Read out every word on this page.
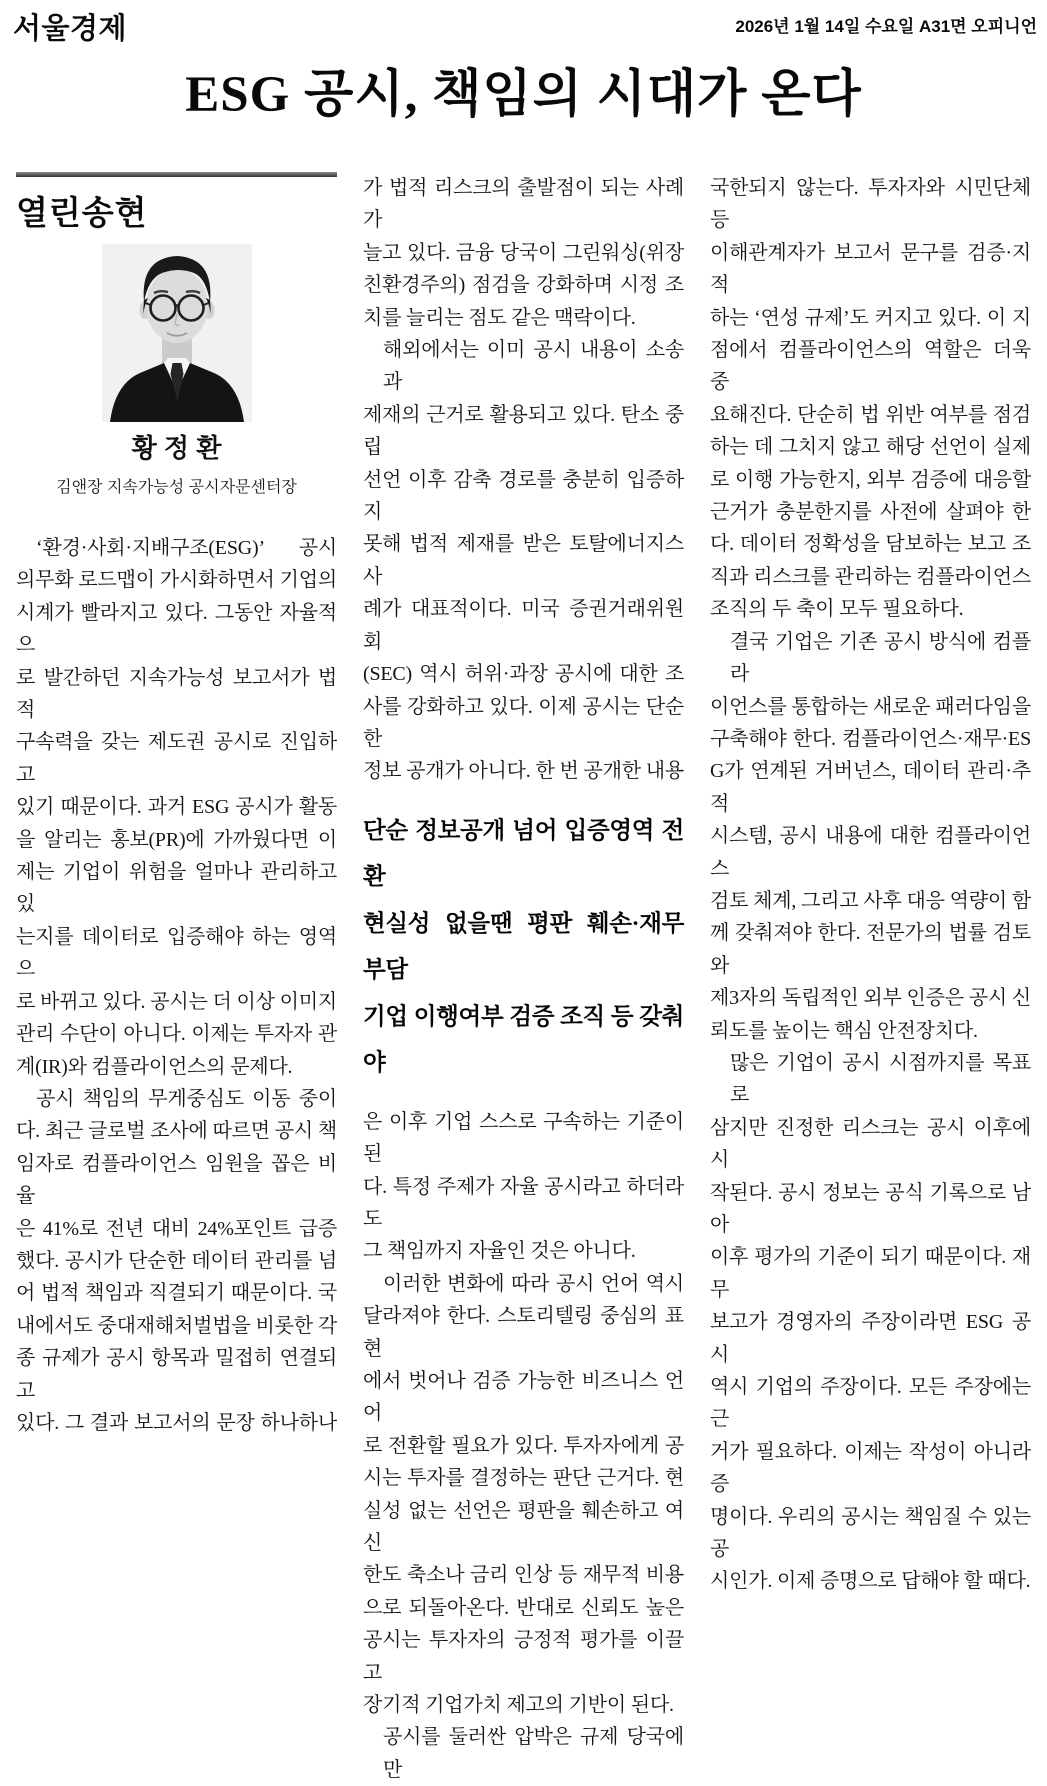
서울경제	2026년 1월 14일 수요일 A31면 오피니언
ESG 공시, 책임의 시대가 온다
열린송현
황 정 환
김앤장 지속가능성 공시자문센터장
‘환경·사회·지배구조(ESG)’ 공시
의무화 로드맵이 가시화하면서 기업의
시계가 빨라지고 있다. 그동안 자율적으
로 발간하던 지속가능성 보고서가 법적
구속력을 갖는 제도권 공시로 진입하고
있기 때문이다. 과거 ESG 공시가 활동
을 알리는 홍보(PR)에 가까웠다면 이
제는 기업이 위험을 얼마나 관리하고 있
는지를 데이터로 입증해야 하는 영역으
로 바뀌고 있다. 공시는 더 이상 이미지
관리 수단이 아니다. 이제는 투자자 관
계(IR)와 컴플라이언스의 문제다.
공시 책임의 무게중심도 이동 중이
다. 최근 글로벌 조사에 따르면 공시 책
임자로 컴플라이언스 임원을 꼽은 비율
은 41%로 전년 대비 24%포인트 급증
했다. 공시가 단순한 데이터 관리를 넘
어 법적 책임과 직결되기 때문이다. 국
내에서도 중대재해처벌법을 비롯한 각
종 규제가 공시 항목과 밀접히 연결되고
있다. 그 결과 보고서의 문장 하나하나
가 법적 리스크의 출발점이 되는 사례가
늘고 있다. 금융 당국이 그린워싱(위장
친환경주의) 점검을 강화하며 시정 조
치를 늘리는 점도 같은 맥락이다.
해외에서는 이미 공시 내용이 소송과
제재의 근거로 활용되고 있다. 탄소 중립
선언 이후 감축 경로를 충분히 입증하지
못해 법적 제재를 받은 토탈에너지스 사
례가 대표적이다. 미국 증권거래위원회
(SEC) 역시 허위·과장 공시에 대한 조
사를 강화하고 있다. 이제 공시는 단순한
정보 공개가 아니다. 한 번 공개한 내용
단순 정보공개 넘어 입증영역 전환
현실성 없을땐 평판 훼손·재무 부담
기업 이행여부 검증 조직 등 갖춰야
은 이후 기업 스스로 구속하는 기준이 된
다. 특정 주제가 자율 공시라고 하더라도
그 책임까지 자율인 것은 아니다.
이러한 변화에 따라 공시 언어 역시
달라져야 한다. 스토리텔링 중심의 표현
에서 벗어나 검증 가능한 비즈니스 언어
로 전환할 필요가 있다. 투자자에게 공
시는 투자를 결정하는 판단 근거다. 현
실성 없는 선언은 평판을 훼손하고 여신
한도 축소나 금리 인상 등 재무적 비용
으로 되돌아온다. 반대로 신뢰도 높은
공시는 투자자의 긍정적 평가를 이끌고
장기적 기업가치 제고의 기반이 된다.
공시를 둘러싼 압박은 규제 당국에만
국한되지 않는다. 투자자와 시민단체 등
이해관계자가 보고서 문구를 검증·지적
하는 ‘연성 규제’도 커지고 있다. 이 지
점에서 컴플라이언스의 역할은 더욱 중
요해진다. 단순히 법 위반 여부를 점검
하는 데 그치지 않고 해당 선언이 실제
로 이행 가능한지, 외부 검증에 대응할
근거가 충분한지를 사전에 살펴야 한
다. 데이터 정확성을 담보하는 보고 조
직과 리스크를 관리하는 컴플라이언스
조직의 두 축이 모두 필요하다.
결국 기업은 기존 공시 방식에 컴플라
이언스를 통합하는 새로운 패러다임을
구축해야 한다. 컴플라이언스·재무·ES
G가 연계된 거버넌스, 데이터 관리·추적
시스템, 공시 내용에 대한 컴플라이언스
검토 체계, 그리고 사후 대응 역량이 함
께 갖춰져야 한다. 전문가의 법률 검토와
제3자의 독립적인 외부 인증은 공시 신
뢰도를 높이는 핵심 안전장치다.
많은 기업이 공시 시점까지를 목표로
삼지만 진정한 리스크는 공시 이후에 시
작된다. 공시 정보는 공식 기록으로 남아
이후 평가의 기준이 되기 때문이다. 재무
보고가 경영자의 주장이라면 ESG 공시
역시 기업의 주장이다. 모든 주장에는 근
거가 필요하다. 이제는 작성이 아니라 증
명이다. 우리의 공시는 책임질 수 있는 공
시인가. 이제 증명으로 답해야 할 때다.
